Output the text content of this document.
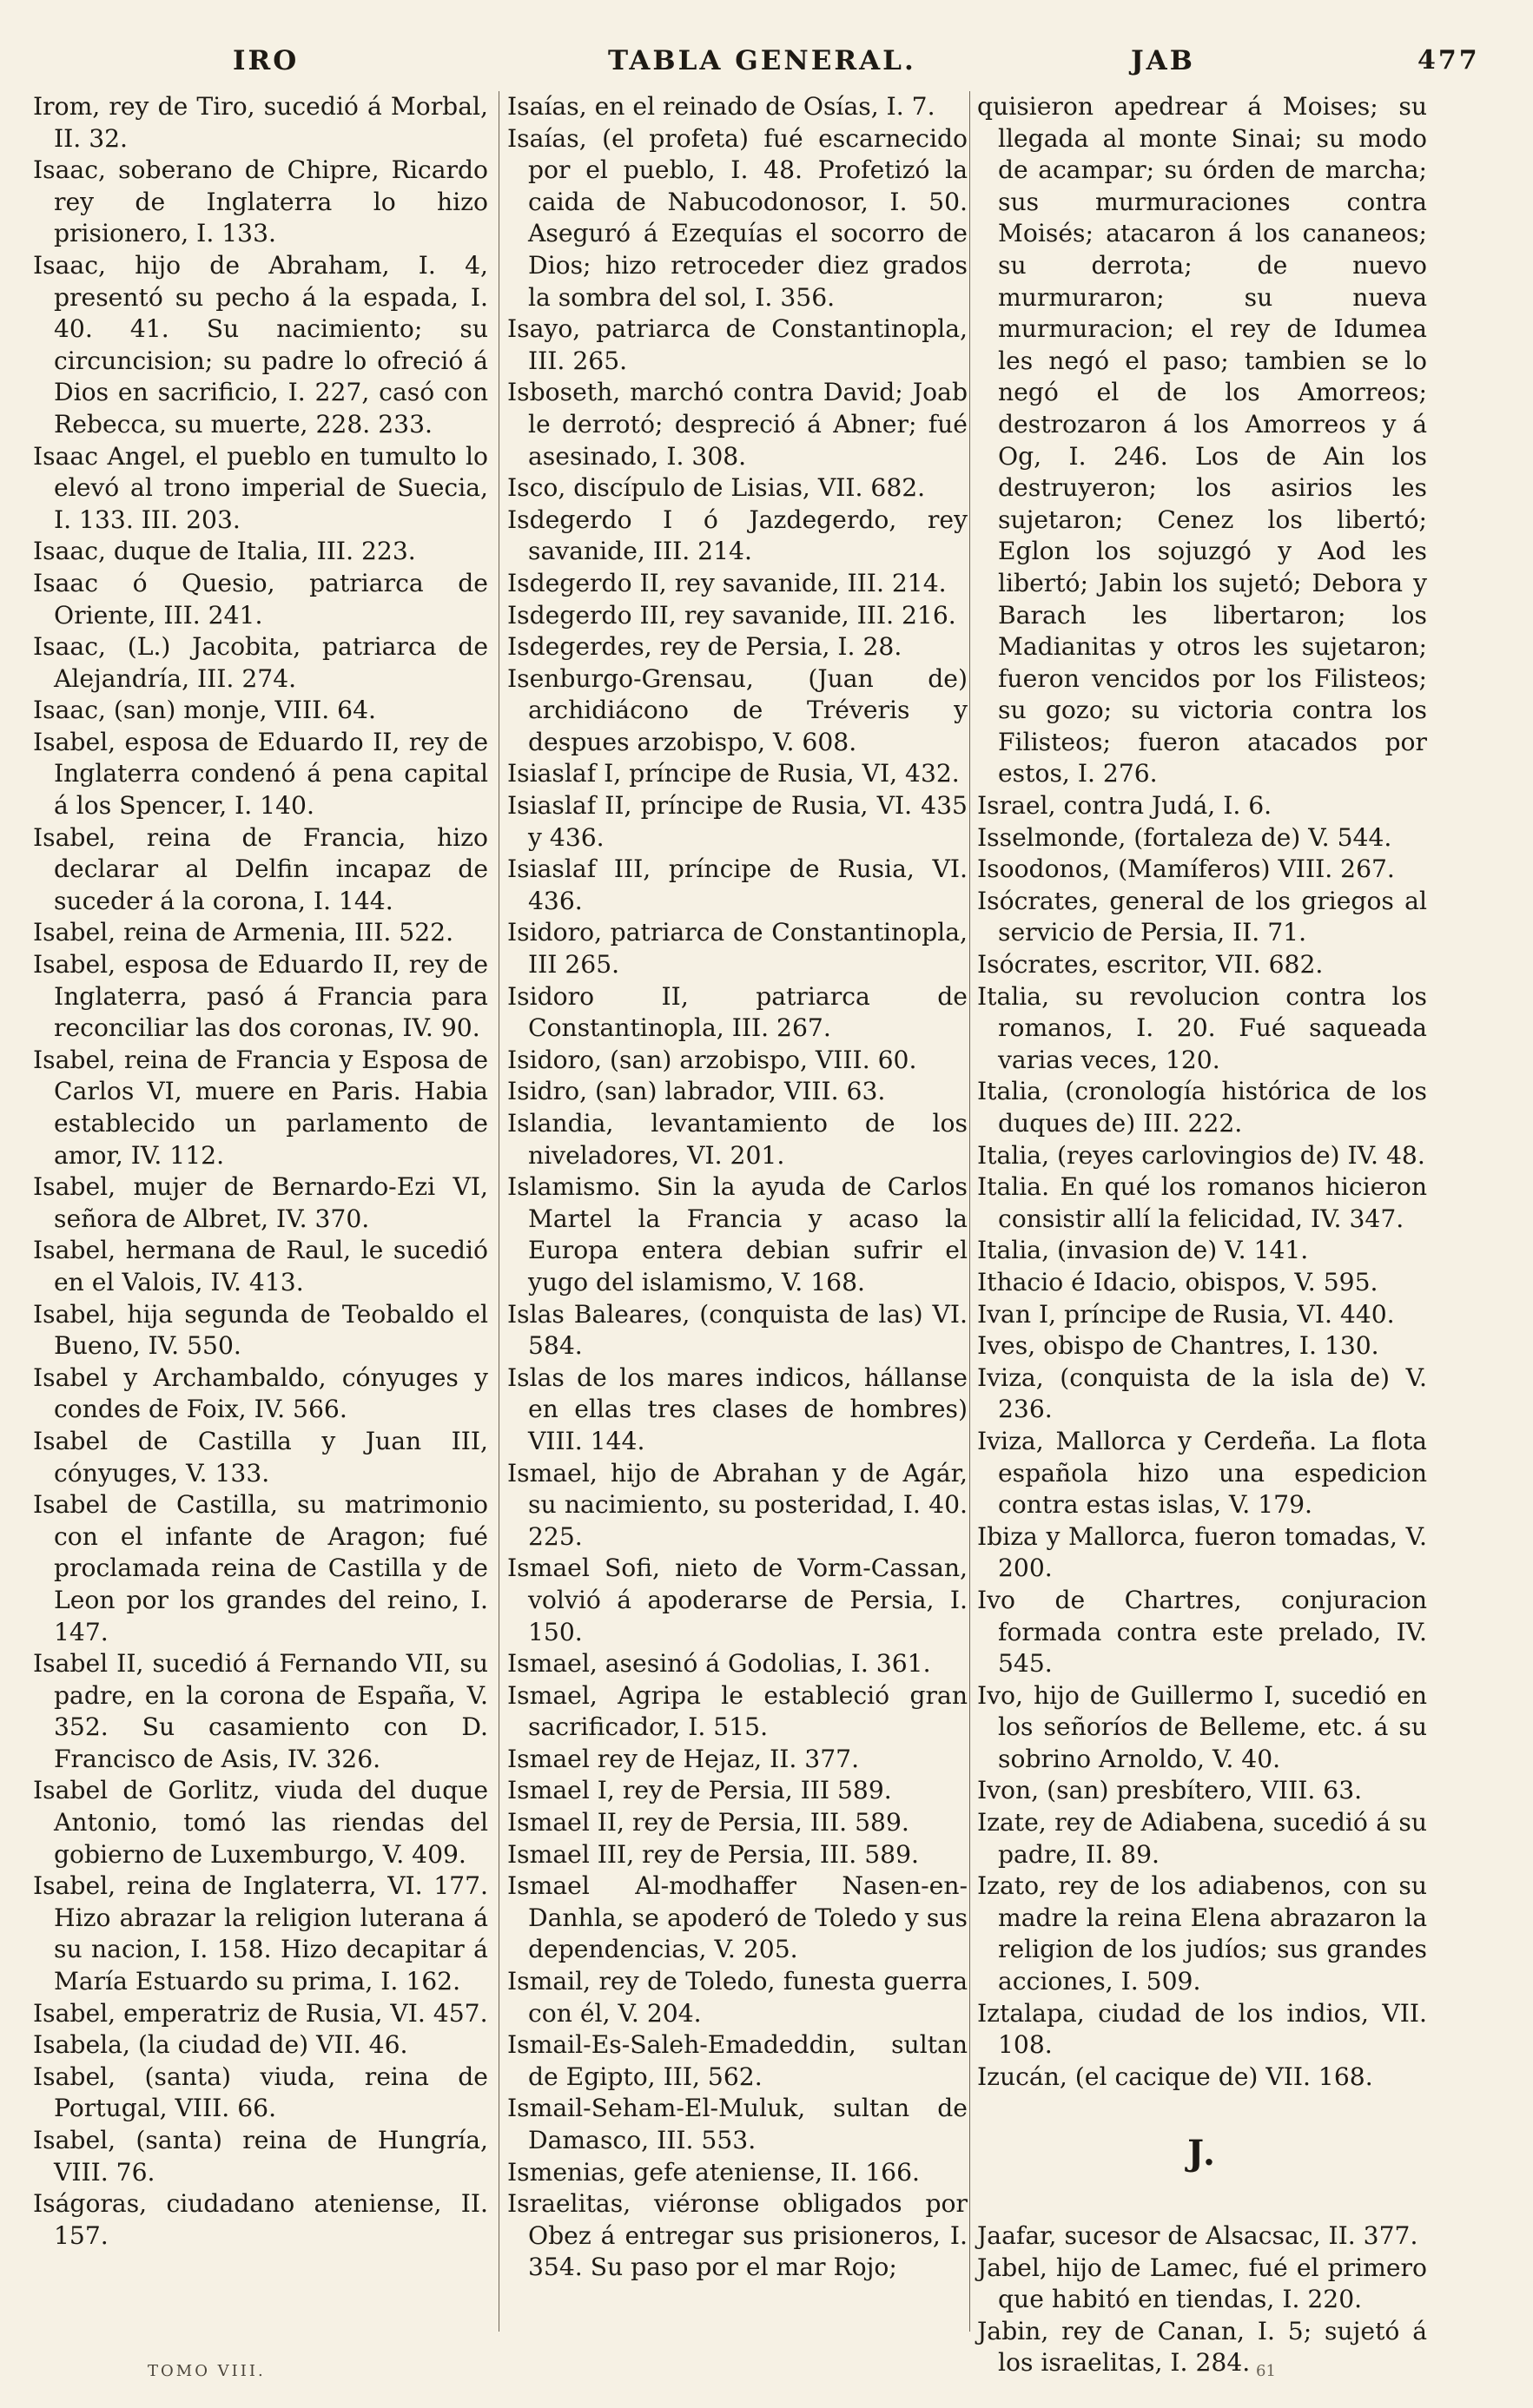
IRO	TABLA GENERAL.	JAB	477

Irom, rey de Tiro, sucedió á Morbal, II. 32.

Isaac, soberano de Chipre, Ricardo rey de Inglaterra lo hizo prisionero, I. 133.

Isaac, hijo de Abraham, I. 4, presentó su pecho á la espada, I. 40. 41. Su nacimiento; su circuncision; su padre lo ofreció á Dios en sacrificio, I. 227, casó con Rebecca, su muerte, 228. 233.

Isaac Angel, el pueblo en tumulto lo elevó al trono imperial de Suecia, I. 133. III. 203.

Isaac, duque de Italia, III. 223.

Isaac ó Quesio, patriarca de Oriente, III. 241.

Isaac, (L.) Jacobita, patriarca de Alejandría, III. 274.

Isaac, (san) monje, VIII. 64.

Isabel, esposa de Eduardo II, rey de Inglaterra condenó á pena capital á los Spencer, I. 140.

Isabel, reina de Francia, hizo declarar al Delfin incapaz de suceder á la corona, I. 144.

Isabel, reina de Armenia, III. 522.

Isabel, esposa de Eduardo II, rey de Inglaterra, pasó á Francia para reconciliar las dos coronas, IV. 90.

Isabel, reina de Francia y Esposa de Carlos VI, muere en Paris. Habia establecido un parlamento de amor, IV. 112.

Isabel, mujer de Bernardo-Ezi VI, señora de Albret, IV. 370.

Isabel, hermana de Raul, le sucedió en el Valois, IV. 413.

Isabel, hija segunda de Teobaldo el Bueno, IV. 550.

Isabel y Archambaldo, cónyuges y condes de Foix, IV. 566.

Isabel de Castilla y Juan III, cónyuges, V. 133.

Isabel de Castilla, su matrimonio con el infante de Aragon; fué proclamada reina de Castilla y de Leon por los grandes del reino, I. 147.

Isabel II, sucedió á Fernando VII, su padre, en la corona de España, V. 352. Su casamiento con D. Francisco de Asis, IV. 326.

Isabel de Gorlitz, viuda del duque Antonio, tomó las riendas del gobierno de Luxemburgo, V. 409.

Isabel, reina de Inglaterra, VI. 177. Hizo abrazar la religion luterana á su nacion, I. 158. Hizo decapitar á María Estuardo su prima, I. 162.

Isabel, emperatriz de Rusia, VI. 457.

Isabela, (la ciudad de) VII. 46.

Isabel, (santa) viuda, reina de Portugal, VIII. 66.

Isabel, (santa) reina de Hungría, VIII. 76.

Iságoras, ciudadano ateniense, II. 157.

Isaías, en el reinado de Osías, I. 7.

Isaías, (el profeta) fué escarnecido por el pueblo, I. 48. Profetizó la caida de Nabucodonosor, I. 50. Aseguró á Ezequías el socorro de Dios; hizo retroceder diez grados la sombra del sol, I. 356.

Isayo, patriarca de Constantinopla, III. 265.

Isboseth, marchó contra David; Joab le derrotó; despreció á Abner; fué asesinado, I. 308.

Isco, discípulo de Lisias, VII. 682.

Isdegerdo I ó Jazdegerdo, rey savanide, III. 214.

Isdegerdo II, rey savanide, III. 214.

Isdegerdo III, rey savanide, III. 216.

Isdegerdes, rey de Persia, I. 28.

Isenburgo-Grensau, (Juan de) archidiácono de Tréveris y despues arzobispo, V. 608.

Isiaslaf I, príncipe de Rusia, VI, 432.

Isiaslaf II, príncipe de Rusia, VI. 435 y 436.

Isiaslaf III, príncipe de Rusia, VI. 436.

Isidoro, patriarca de Constantinopla, III 265.

Isidoro II, patriarca de Constantinopla, III. 267.

Isidoro, (san) arzobispo, VIII. 60.

Isidro, (san) labrador, VIII. 63.

Islandia, levantamiento de los niveladores, VI. 201.

Islamismo. Sin la ayuda de Carlos Martel la Francia y acaso la Europa entera debian sufrir el yugo del islamismo, V. 168.

Islas Baleares, (conquista de las) VI. 584.

Islas de los mares indicos, hállanse en ellas tres clases de hombres) VIII. 144.

Ismael, hijo de Abrahan y de Agár, su nacimiento, su posteridad, I. 40. 225.

Ismael Sofi, nieto de Vorm-Cassan, volvió á apoderarse de Persia, I. 150.

Ismael, asesinó á Godolias, I. 361.

Ismael, Agripa le estableció gran sacrificador, I. 515.

Ismael rey de Hejaz, II. 377.

Ismael I, rey de Persia, III 589.

Ismael II, rey de Persia, III. 589.

Ismael III, rey de Persia, III. 589.

Ismael Al-modhaffer Nasen-en-Danhla, se apoderó de Toledo y sus dependencias, V. 205.

Ismail, rey de Toledo, funesta guerra con él, V. 204.

Ismail-Es-Saleh-Emadeddin, sultan de Egipto, III, 562.

Ismail-Seham-El-Muluk, sultan de Damasco, III. 553.

Ismenias, gefe ateniense, II. 166.

Israelitas, viéronse obligados por Obez á entregar sus prisioneros, I. 354. Su paso por el mar Rojo;

quisieron apedrear á Moises; su llegada al monte Sinai; su modo de acampar; su órden de marcha; sus murmuraciones contra Moisés; atacaron á los cananeos; su derrota; de nuevo murmuraron; su nueva murmuracion; el rey de Idumea les negó el paso; tambien se lo negó el de los Amorreos; destrozaron á los Amorreos y á Og, I. 246. Los de Ain los destruyeron; los asirios les sujetaron; Cenez los libertó; Eglon los sojuzgó y Aod les libertó; Jabin los sujetó; Debora y Barach les libertaron; los Madianitas y otros les sujetaron; fueron vencidos por los Filisteos; su gozo; su victoria contra los Filisteos; fueron atacados por estos, I. 276.

Israel, contra Judá, I. 6.

Isselmonde, (fortaleza de) V. 544.

Isoodonos, (Mamíferos) VIII. 267.

Isócrates, general de los griegos al servicio de Persia, II. 71.

Isócrates, escritor, VII. 682.

Italia, su revolucion contra los romanos, I. 20. Fué saqueada varias veces, 120.

Italia, (cronología histórica de los duques de) III. 222.

Italia, (reyes carlovingios de) IV. 48.

Italia. En qué los romanos hicieron consistir allí la felicidad, IV. 347.

Italia, (invasion de) V. 141.

Ithacio é Idacio, obispos, V. 595.

Ivan I, príncipe de Rusia, VI. 440.

Ives, obispo de Chantres, I. 130.

Iviza, (conquista de la isla de) V. 236.

Iviza, Mallorca y Cerdeña. La flota española hizo una espedicion contra estas islas, V. 179.

Ibiza y Mallorca, fueron tomadas, V. 200.

Ivo de Chartres, conjuracion formada contra este prelado, IV. 545.

Ivo, hijo de Guillermo I, sucedió en los señoríos de Belleme, etc. á su sobrino Arnoldo, V. 40.

Ivon, (san) presbítero, VIII. 63.

Izate, rey de Adiabena, sucedió á su padre, II. 89.

Izato, rey de los adiabenos, con su madre la reina Elena abrazaron la religion de los judíos; sus grandes acciones, I. 509.

Iztalapa, ciudad de los indios, VII. 108.

Izucán, (el cacique de) VII. 168.

J.

Jaafar, sucesor de Alsacsac, II. 377.

Jabel, hijo de Lamec, fué el primero que habitó en tiendas, I. 220.

Jabin, rey de Canan, I. 5; sujetó á los israelitas, I. 284.

TOMO VIII.	61
